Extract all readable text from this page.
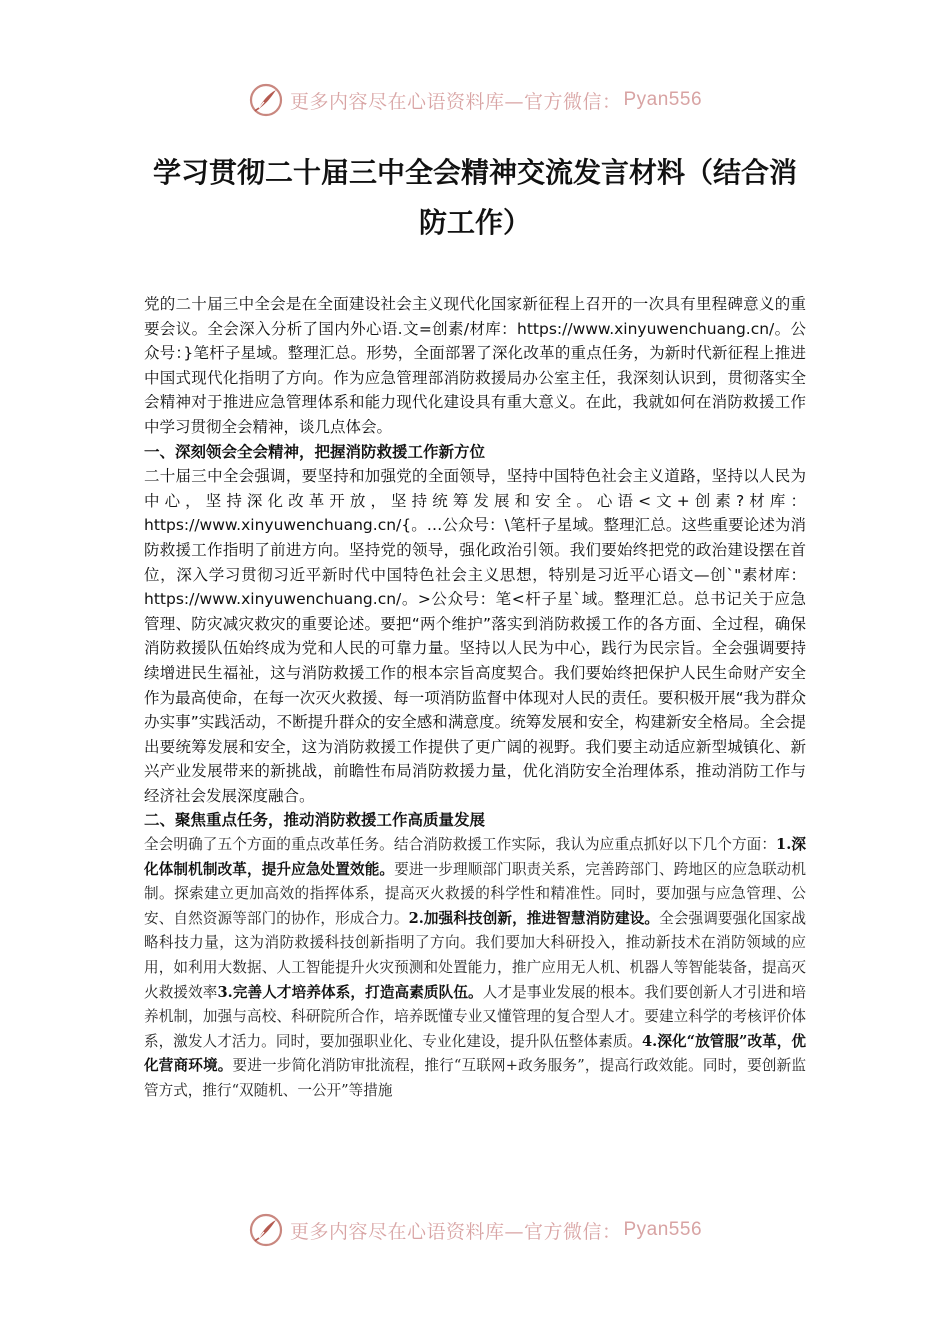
更多内容尽在心语资料库—官方微信： Pyan556
学习贯彻二十届三中全会精神交流发言材料（结合消防工作）

党的二十届三中全会是在全面建设社会主义现代化国家新征程上召开的一次具有里程碑意义的重要会议。全会深入分析了国内外心语.文=创素/材库：https://www.xinyuwenchuang.cn/。公众号：}笔杆子星域。整理汇总。形势，全面部署了深化改革的重点任务，为新时代新征程上推进中国式现代化指明了方向。作为应急管理部消防救援局办公室主任，我深刻认识到，贯彻落实全会精神对于推进应急管理体系和能力现代化建设具有重大意义。在此，我就如何在消防救援工作中学习贯彻全会精神，谈几点体会。

一、深刻领会全会精神，把握消防救援工作新方位

二十届三中全会强调，要坚持和加强党的全面领导，坚持中国特色社会主义道路，坚持以人民为中心，坚持深化改革开放，坚持统筹发展和安全。心语<文+创素?材库：https://www.xinyuwenchuang.cn/{。…公众号：\笔杆子星域。整理汇总。这些重要论述为消防救援工作指明了前进方向。坚持党的领导，强化政治引领。我们要始终把党的政治建设摆在首位，深入学习贯彻习近平新时代中国特色社会主义思想，特别是习近平心语文—创`"素材库：https://www.xinyuwenchuang.cn/。>公众号：笔<杆子星`域。整理汇总。总书记关于应急管理、防灾减灾救灾的重要论述。要把“两个维护”落实到消防救援工作的各方面、全过程，确保消防救援队伍始终成为党和人民的可靠力量。坚持以人民为中心，践行为民宗旨。全会强调要持续增进民生福祉，这与消防救援工作的根本宗旨高度契合。我们要始终把保护人民生命财产安全作为最高使命，在每一次灭火救援、每一项消防监督中体现对人民的责任。要积极开展“我为群众办实事”实践活动，不断提升群众的安全感和满意度。统筹发展和安全，构建新安全格局。全会提出要统筹发展和安全，这为消防救援工作提供了更广阔的视野。我们要主动适应新型城镇化、新兴产业发展带来的新挑战，前瞻性布局消防救援力量，优化消防安全治理体系，推动消防工作与经济社会发展深度融合。

二、聚焦重点任务，推动消防救援工作高质量发展

全会明确了五个方面的重点改革任务。结合消防救援工作实际，我认为应重点抓好以下几个方面：1.深化体制机制改革，提升应急处置效能。要进一步理顺部门职责关系，完善跨部门、跨地区的应急联动机制。探索建立更加高效的指挥体系，提高灭火救援的科学性和精准性。同时，要加强与应急管理、公安、自然资源等部门的协作，形成合力。2.加强科技创新，推进智慧消防建设。全会强调要强化国家战略科技力量，这为消防救援科技创新指明了方向。我们要加大科研投入，推动新技术在消防领域的应用，如利用大数据、人工智能提升火灾预测和处置能力，推广应用无人机、机器人等智能装备，提高灭火救援效率3.完善人才培养体系，打造高素质队伍。人才是事业发展的根本。我们要创新人才引进和培养机制，加强与高校、科研院所合作，培养既懂专业又懂管理的复合型人才。要建立科学的考核评价体系，激发人才活力。同时，要加强职业化、专业化建设，提升队伍整体素质。4.深化“放管服”改革，优化营商环境。要进一步简化消防审批流程，推行“互联网+政务服务”，提高行政效能。同时，要创新监管方式，推行“双随机、一公开”等措施

更多内容尽在心语资料库—官方微信： Pyan556
